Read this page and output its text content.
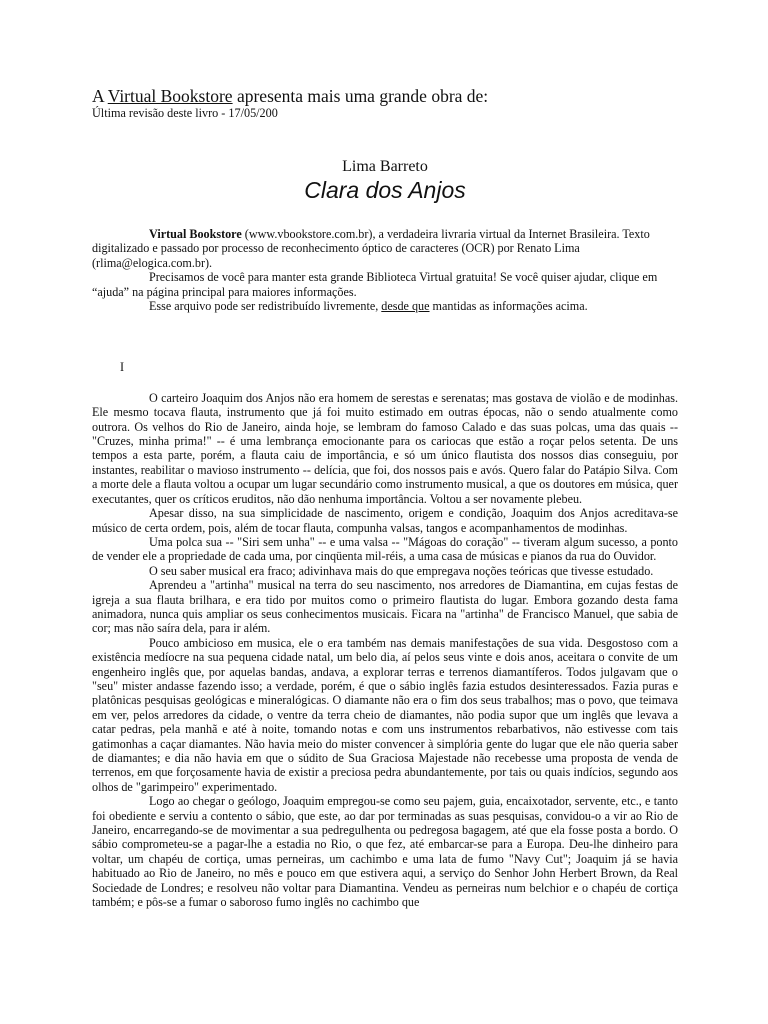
A Virtual Bookstore apresenta mais uma grande obra de:
Última revisão deste livro - 17/05/200
Lima Barreto
Clara dos Anjos

Virtual Bookstore (www.vbookstore.com.br), a verdadeira livraria virtual da Internet Brasileira. Texto digitalizado e passado por processo de reconhecimento óptico de caracteres (OCR) por Renato Lima (rlima@elogica.com.br).

Precisamos de você para manter esta grande Biblioteca Virtual gratuita! Se você quiser ajudar, clique em “ajuda” na página principal para maiores informações.

Esse arquivo pode ser redistribuído livremente, desde que mantidas as informações acima.

I

O carteiro Joaquim dos Anjos não era homem de serestas e serenatas; mas gostava de violão e de modinhas. Ele mesmo tocava flauta, instrumento que já foi muito estimado em outras épocas, não o sendo atualmente como outrora. Os velhos do Rio de Janeiro, ainda hoje, se lembram do famoso Calado e das suas polcas, uma das quais -- "Cruzes, minha prima!" -- é uma lembrança emocionante para os cariocas que estão a roçar pelos setenta. De uns tempos a esta parte, porém, a flauta caiu de importância, e só um único flautista dos nossos dias conseguiu, por instantes, reabilitar o mavioso instrumento -- delícia, que foi, dos nossos pais e avós. Quero falar do Patápio Silva. Com a morte dele a flauta voltou a ocupar um lugar secundário como instrumento musical, a que os doutores em música, quer executantes, quer os críticos eruditos, não dão nenhuma importância. Voltou a ser novamente plebeu.

Apesar disso, na sua simplicidade de nascimento, origem e condição, Joaquim dos Anjos acreditava-se músico de certa ordem, pois, além de tocar flauta, compunha valsas, tangos e acompanhamentos de modinhas.

Uma polca sua -- "Siri sem unha" -- e uma valsa -- "Mágoas do coração" -- tiveram algum sucesso, a ponto de vender ele a propriedade de cada uma, por cinqüenta mil-réis, a uma casa de músicas e pianos da rua do Ouvidor.

O seu saber musical era fraco; adivinhava mais do que empregava noções teóricas que tivesse estudado.

Aprendeu a "artinha" musical na terra do seu nascimento, nos arredores de Diamantina, em cujas festas de igreja a sua flauta brilhara, e era tido por muitos como o primeiro flautista do lugar. Embora gozando desta fama animadora, nunca quis ampliar os seus conhecimentos musicais. Ficara na "artinha" de Francisco Manuel, que sabia de cor; mas não saíra dela, para ir além.

Pouco ambicioso em musica, ele o era também nas demais manifestações de sua vida. Desgostoso com a existência medíocre na sua pequena cidade natal, um belo dia, aí pelos seus vinte e dois anos, aceitara o convite de um engenheiro inglês que, por aquelas bandas, andava, a explorar terras e terrenos diamantíferos. Todos julgavam que o "seu" mister andasse fazendo isso; a verdade, porém, é que o sábio inglês fazia estudos desinteressados. Fazia puras e platônicas pesquisas geológicas e mineralógicas. O diamante não era o fim dos seus trabalhos; mas o povo, que teimava em ver, pelos arredores da cidade, o ventre da terra cheio de diamantes, não podia supor que um inglês que levava a catar pedras, pela manhã e até à noite, tomando notas e com uns instrumentos rebarbativos, não estivesse com tais gatimonhas a caçar diamantes. Não havia meio do mister convencer à simplória gente do lugar que ele não queria saber de diamantes; e dia não havia em que o súdito de Sua Graciosa Majestade não recebesse uma proposta de venda de terrenos, em que forçosamente havia de existir a preciosa pedra abundantemente, por tais ou quais indícios, segundo aos olhos de "garimpeiro" experimentado.

Logo ao chegar o geólogo, Joaquim empregou-se como seu pajem, guia, encaixotador, servente, etc., e tanto foi obediente e serviu a contento o sábio, que este, ao dar por terminadas as suas pesquisas, convidou-o a vir ao Rio de Janeiro, encarregando-se de movimentar a sua pedregulhenta ou pedregosa bagagem, até que ela fosse posta a bordo. O sábio comprometeu-se a pagar-lhe a estadia no Rio, o que fez, até embarcar-se para a Europa. Deu-lhe dinheiro para voltar, um chapéu de cortiça, umas perneiras, um cachimbo e uma lata de fumo "Navy Cut"; Joaquim já se havia habituado ao Rio de Janeiro, no mês e pouco em que estivera aqui, a serviço do Senhor John Herbert Brown, da Real Sociedade de Londres; e resolveu não voltar para Diamantina. Vendeu as perneiras num belchior e o chapéu de cortiça também; e pôs-se a fumar o saboroso fumo inglês no cachimbo que
